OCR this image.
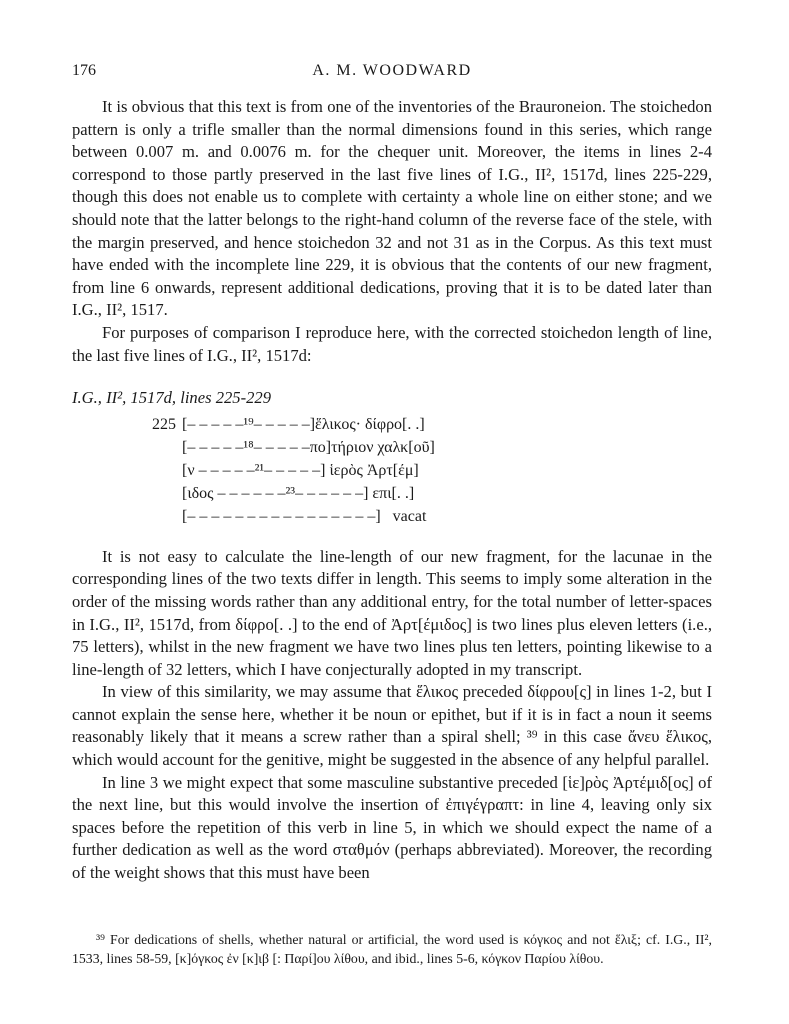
176	A. M. WOODWARD

It is obvious that this text is from one of the inventories of the Brauroneion. The stoichedon pattern is only a trifle smaller than the normal dimensions found in this series, which range between 0.007 m. and 0.0076 m. for the chequer unit. Moreover, the items in lines 2-4 correspond to those partly preserved in the last five lines of I.G., II², 1517d, lines 225-229, though this does not enable us to complete with certainty a whole line on either stone; and we should note that the latter belongs to the right-hand column of the reverse face of the stele, with the margin preserved, and hence stoichedon 32 and not 31 as in the Corpus. As this text must have ended with the incomplete line 229, it is obvious that the contents of our new fragment, from line 6 onwards, represent additional dedications, proving that it is to be dated later than I.G., II², 1517.

For purposes of comparison I reproduce here, with the corrected stoichedon length of line, the last five lines of I.G., II², 1517d:

I.G., II², 1517d, lines 225-229
225 [– – – – –¹⁹– – – – –]ἕλικος· δίφρο[. .]
[– – – – –¹⁸– – – – –πο]τήριον χαλκ[οῦ]
[ν – – – – –²¹– – – – –] ἱερὸς Ἀρτ[έμ]
[ιδος – – – – – –²³– – – – – –] επι[. .]
[– – – – – – – – – – – – – – – –]   vacat

It is not easy to calculate the line-length of our new fragment, for the lacunae in the corresponding lines of the two texts differ in length. This seems to imply some alteration in the order of the missing words rather than any additional entry, for the total number of letter-spaces in I.G., II², 1517d, from δίφρο[. .] to the end of Ἀρτ[έμιδος] is two lines plus eleven letters (i.e., 75 letters), whilst in the new fragment we have two lines plus ten letters, pointing likewise to a line-length of 32 letters, which I have conjecturally adopted in my transcript.

In view of this similarity, we may assume that ἕλικος preceded δίφρου[ς] in lines 1-2, but I cannot explain the sense here, whether it be noun or epithet, but if it is in fact a noun it seems reasonably likely that it means a screw rather than a spiral shell; ³⁹ in this case ἄνευ ἕλικος, which would account for the genitive, might be suggested in the absence of any helpful parallel.

In line 3 we might expect that some masculine substantive preceded [ἱε]ρὸς Ἀρτέμιδ[ος] of the next line, but this would involve the insertion of ἐπιγέγραπτ: in line 4, leaving only six spaces before the repetition of this verb in line 5, in which we should expect the name of a further dedication as well as the word σταθμόν (perhaps abbreviated). Moreover, the recording of the weight shows that this must have been

³⁹ For dedications of shells, whether natural or artificial, the word used is κόγκος and not ἕλιξ; cf. I.G., II², 1533, lines 58-59, [κ]όγκος ἐν [κ]ιβ [: Παρί]ου λίθου, and ibid., lines 5-6, κόγκον Παρίου λίθου.
